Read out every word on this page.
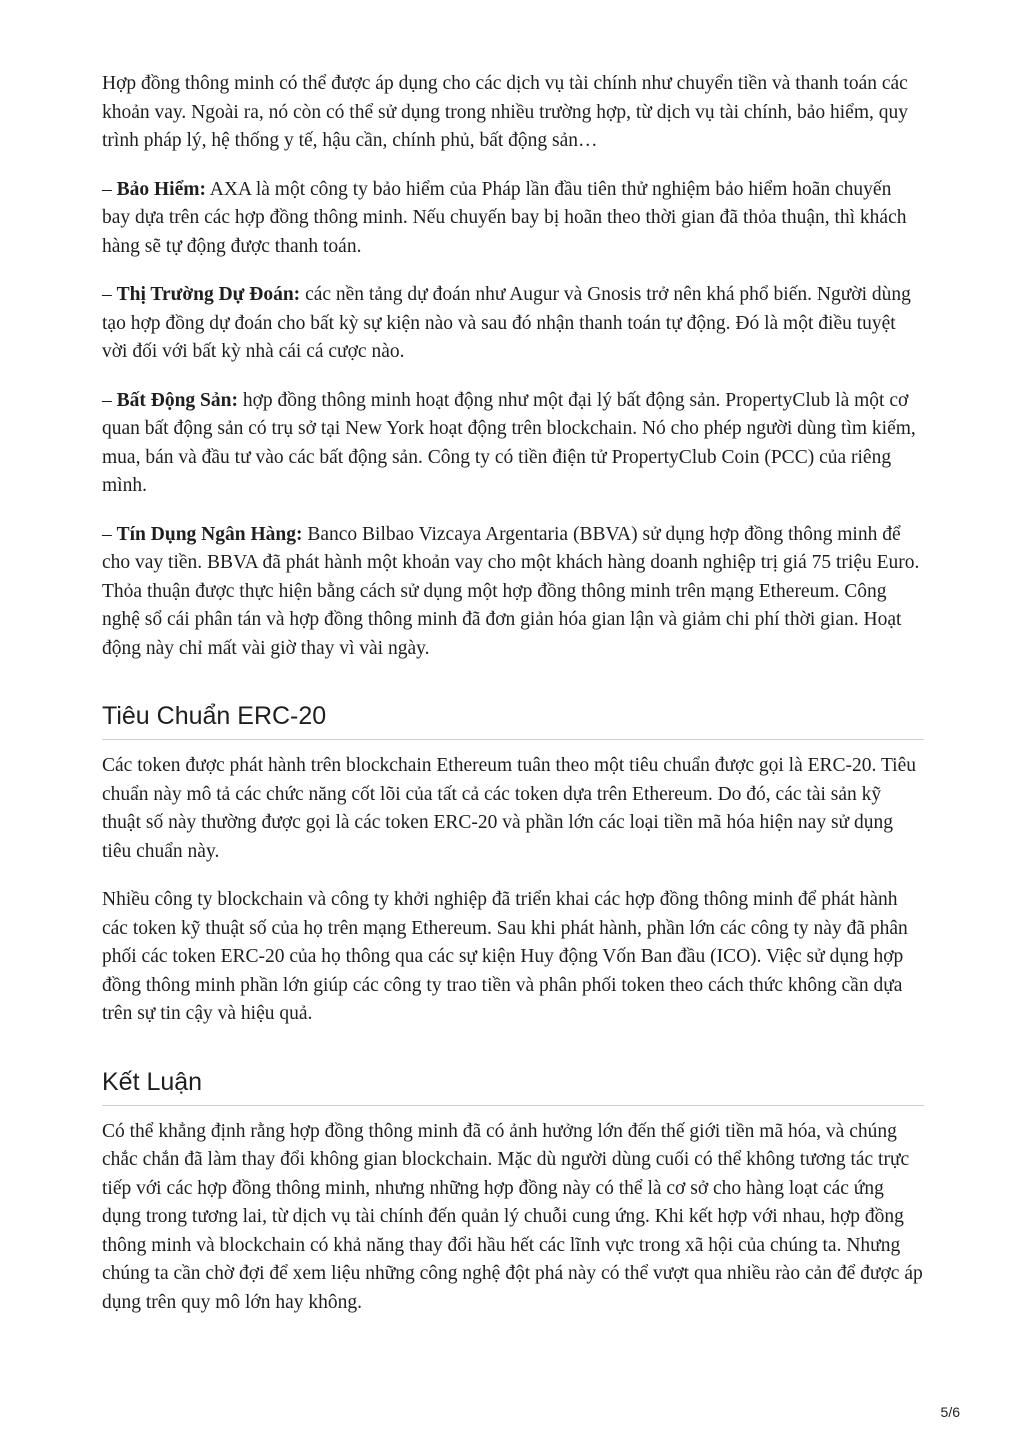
Hợp đồng thông minh có thể được áp dụng cho các dịch vụ tài chính như chuyển tiền và thanh toán các khoản vay. Ngoài ra, nó còn có thể sử dụng trong nhiều trường hợp, từ dịch vụ tài chính, bảo hiểm, quy trình pháp lý, hệ thống y tế, hậu cần, chính phủ, bất động sản…

– Bảo Hiểm: AXA là một công ty bảo hiểm của Pháp lần đầu tiên thử nghiệm bảo hiểm hoãn chuyến bay dựa trên các hợp đồng thông minh. Nếu chuyến bay bị hoãn theo thời gian đã thỏa thuận, thì khách hàng sẽ tự động được thanh toán.

– Thị Trường Dự Đoán: các nền tảng dự đoán như Augur và Gnosis trở nên khá phổ biến. Người dùng tạo hợp đồng dự đoán cho bất kỳ sự kiện nào và sau đó nhận thanh toán tự động. Đó là một điều tuyệt vời đối với bất kỳ nhà cái cá cược nào.

– Bất Động Sản: hợp đồng thông minh hoạt động như một đại lý bất động sản. PropertyClub là một cơ quan bất động sản có trụ sở tại New York hoạt động trên blockchain. Nó cho phép người dùng tìm kiếm, mua, bán và đầu tư vào các bất động sản. Công ty có tiền điện tử PropertyClub Coin (PCC) của riêng mình.

– Tín Dụng Ngân Hàng: Banco Bilbao Vizcaya Argentaria (BBVA) sử dụng hợp đồng thông minh để cho vay tiền. BBVA đã phát hành một khoản vay cho một khách hàng doanh nghiệp trị giá 75 triệu Euro. Thỏa thuận được thực hiện bằng cách sử dụng một hợp đồng thông minh trên mạng Ethereum. Công nghệ sổ cái phân tán và hợp đồng thông minh đã đơn giản hóa gian lận và giảm chi phí thời gian. Hoạt động này chỉ mất vài giờ thay vì vài ngày.

Tiêu Chuẩn ERC-20

Các token được phát hành trên blockchain Ethereum tuân theo một tiêu chuẩn được gọi là ERC-20. Tiêu chuẩn này mô tả các chức năng cốt lõi của tất cả các token dựa trên Ethereum. Do đó, các tài sản kỹ thuật số này thường được gọi là các token ERC-20 và phần lớn các loại tiền mã hóa hiện nay sử dụng tiêu chuẩn này.

Nhiều công ty blockchain và công ty khởi nghiệp đã triển khai các hợp đồng thông minh để phát hành các token kỹ thuật số của họ trên mạng Ethereum. Sau khi phát hành, phần lớn các công ty này đã phân phối các token ERC-20 của họ thông qua các sự kiện Huy động Vốn Ban đầu (ICO). Việc sử dụng hợp đồng thông minh phần lớn giúp các công ty trao tiền và phân phối token theo cách thức không cần dựa trên sự tin cậy và hiệu quả.

Kết Luận

Có thể khẳng định rằng hợp đồng thông minh đã có ảnh hưởng lớn đến thế giới tiền mã hóa, và chúng chắc chắn đã làm thay đổi không gian blockchain. Mặc dù người dùng cuối có thể không tương tác trực tiếp với các hợp đồng thông minh, nhưng những hợp đồng này có thể là cơ sở cho hàng loạt các ứng dụng trong tương lai, từ dịch vụ tài chính đến quản lý chuỗi cung ứng. Khi kết hợp với nhau, hợp đồng thông minh và blockchain có khả năng thay đổi hầu hết các lĩnh vực trong xã hội của chúng ta. Nhưng chúng ta cần chờ đợi để xem liệu những công nghệ đột phá này có thể vượt qua nhiều rào cản để được áp dụng trên quy mô lớn hay không.

5/6
